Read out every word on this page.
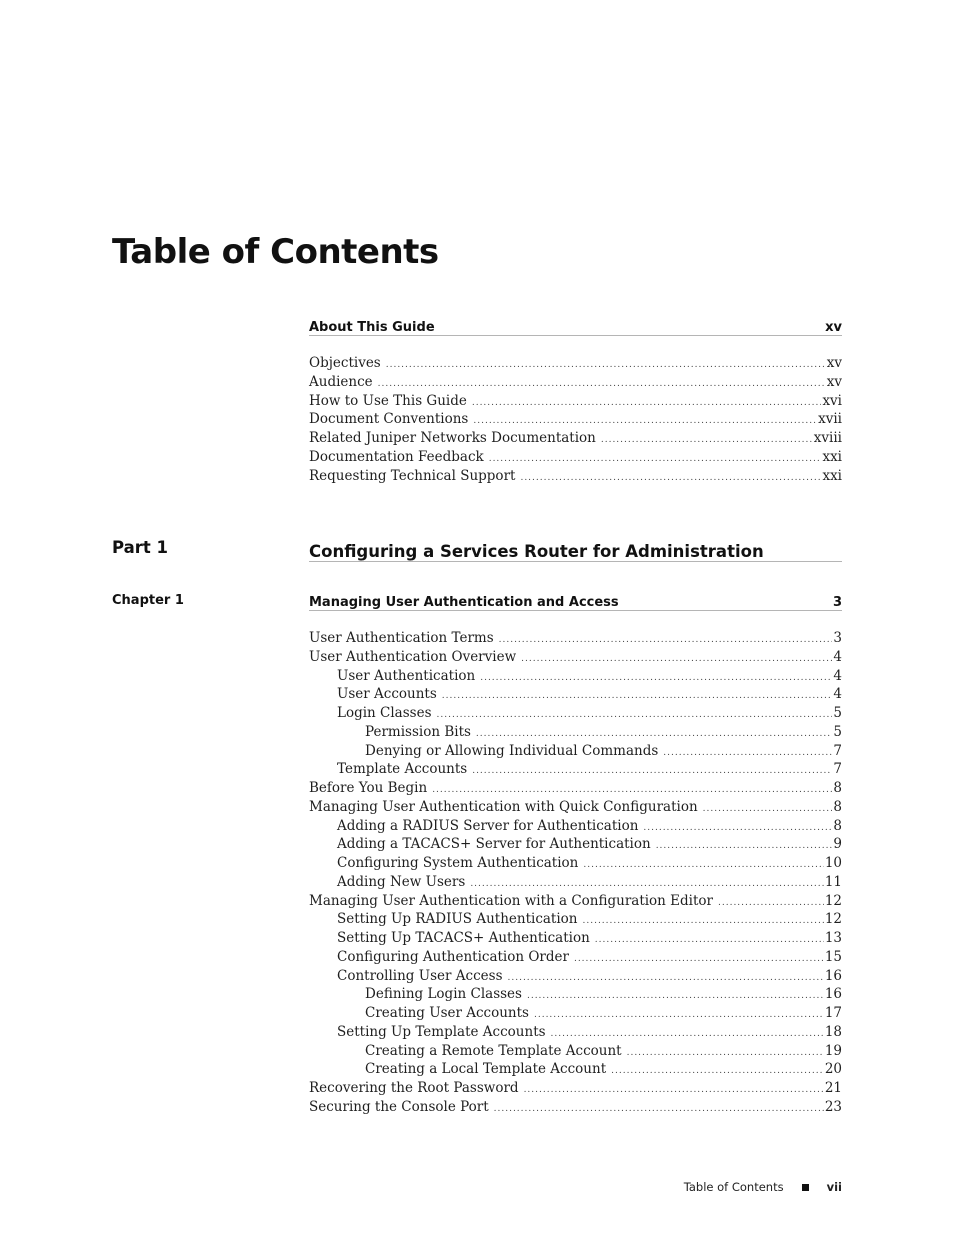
Table of Contents
About This Guide	xv
Objectives .....	xv
Audience .....	xv
How to Use This Guide .....	xvi
Document Conventions .....	xvii
Related Juniper Networks Documentation .....	xviii
Documentation Feedback .....	xxi
Requesting Technical Support .....	xxi
Part 1	Configuring a Services Router for Administration
Chapter 1	Managing User Authentication and Access	3
User Authentication Terms .....	3
User Authentication Overview .....	4
User Authentication .....	4
User Accounts .....	4
Login Classes .....	5
Permission Bits .....	5
Denying or Allowing Individual Commands .....	7
Template Accounts .....	7
Before You Begin .....	8
Managing User Authentication with Quick Configuration .....	8
Adding a RADIUS Server for Authentication .....	8
Adding a TACACS+ Server for Authentication .....	9
Configuring System Authentication .....	10
Adding New Users .....	11
Managing User Authentication with a Configuration Editor .....	12
Setting Up RADIUS Authentication .....	12
Setting Up TACACS+ Authentication .....	13
Configuring Authentication Order .....	15
Controlling User Access .....	16
Defining Login Classes .....	16
Creating User Accounts .....	17
Setting Up Template Accounts .....	18
Creating a Remote Template Account .....	19
Creating a Local Template Account .....	20
Recovering the Root Password .....	21
Securing the Console Port .....	23
Table of Contents	vii
